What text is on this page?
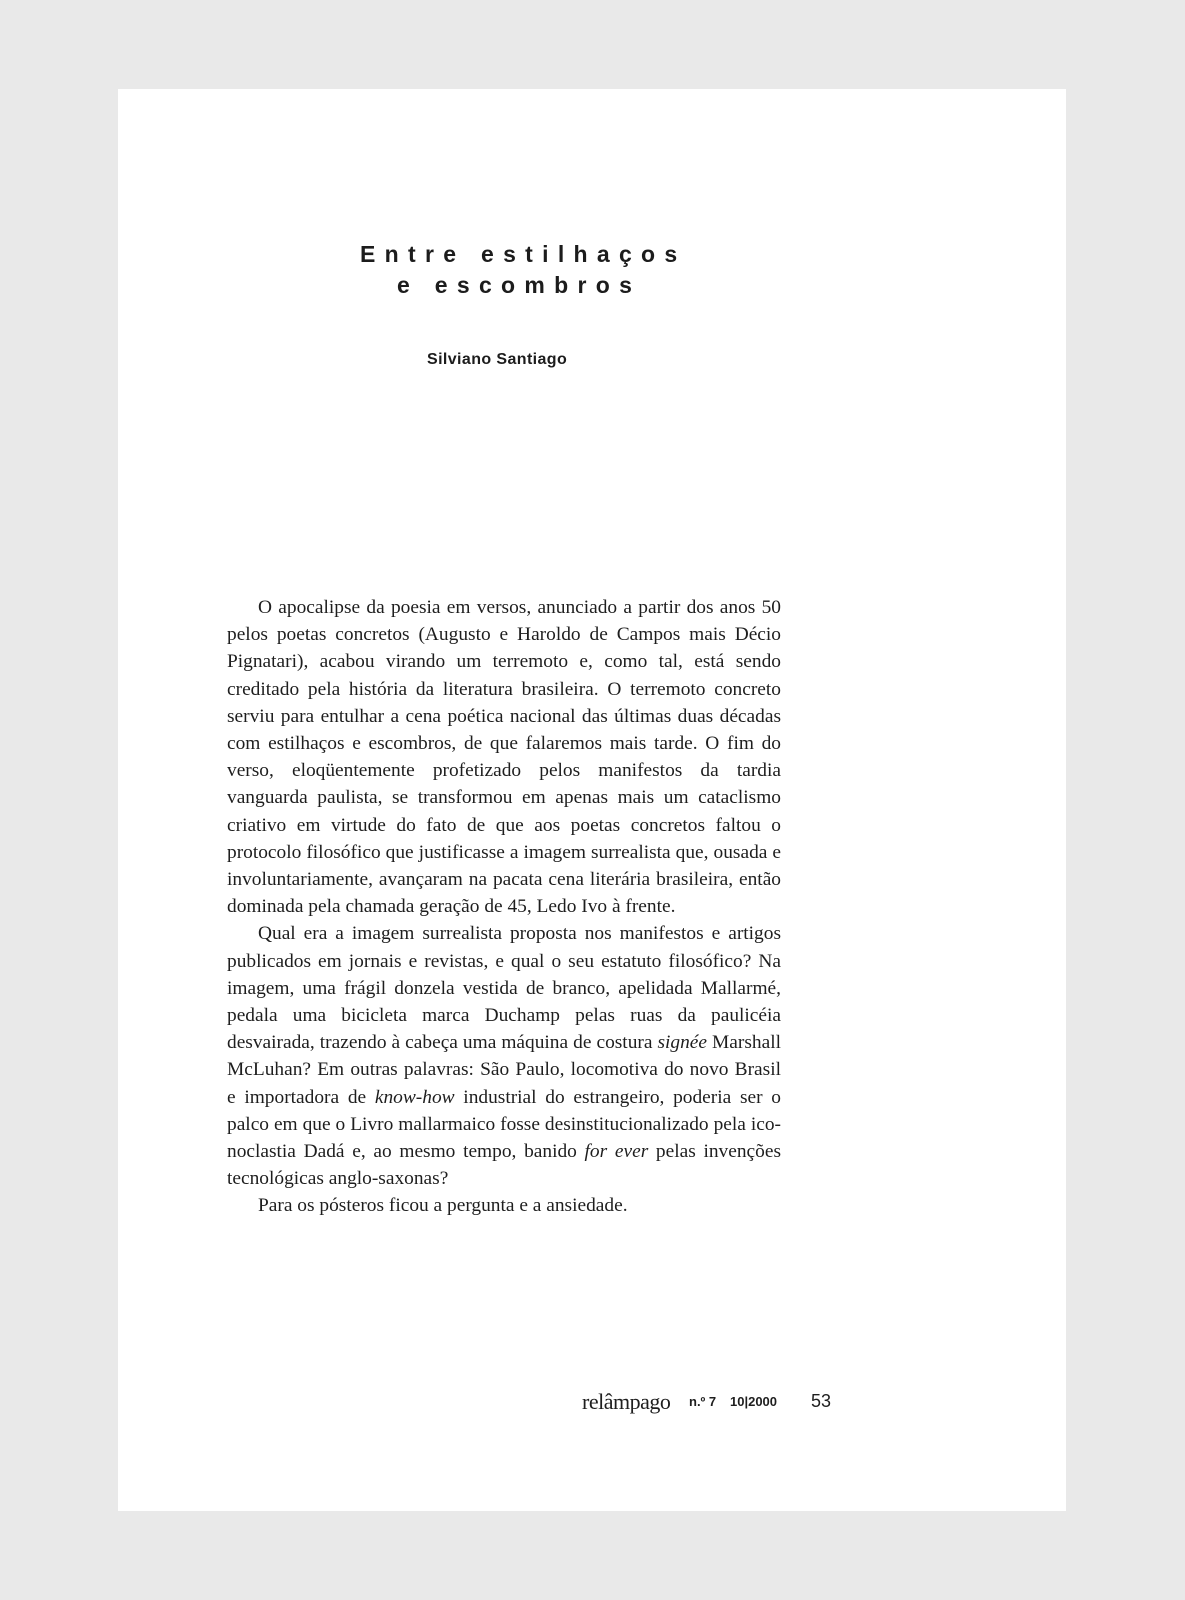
Entre estilhaços
e escombros
Silviano Santiago

O apocalipse da poesia em versos, anunciado a partir dos anos 50 pelos poetas concretos (Augusto e Haroldo de Campos mais Décio Pignatari), acabou virando um terremoto e, como tal, está sendo creditado pela história da literatura brasileira. O terremoto concreto serviu para entulhar a cena poética nacional das últimas duas décadas com estilhaços e escombros, de que falaremos mais tarde. O fim do verso, eloqüentemente profetizado pelos manifestos da tardia vanguarda paulista, se transformou em apenas mais um cataclismo criativo em virtude do fato de que aos poetas concretos faltou o protocolo filosófico que justificasse a imagem surrealista que, ousada e involuntariamente, avançaram na pacata cena literária brasileira, então dominada pela chamada geração de 45, Ledo Ivo à frente.

Qual era a imagem surrealista proposta nos manifestos e artigos publicados em jornais e revistas, e qual o seu estatuto filosófico? Na imagem, uma frágil donzela vestida de branco, apelidada Mallarmé, pedala uma bicicleta marca Duchamp pelas ruas da paulicéia desvairada, trazendo à cabeça uma máquina de costura signée Marshall McLuhan? Em outras palavras: São Paulo, locomotiva do novo Brasil e importadora de know-how industrial do estrangeiro, poderia ser o palco em que o Livro mallarmaico fosse desinstitucionalizado pela iconoclastia Dadá e, ao mesmo tempo, banido for ever pelas invenções tecnológicas anglo-saxonas?

Para os pósteros ficou a pergunta e a ansiedade.

relâmpago n.º 7 10|2000 53
